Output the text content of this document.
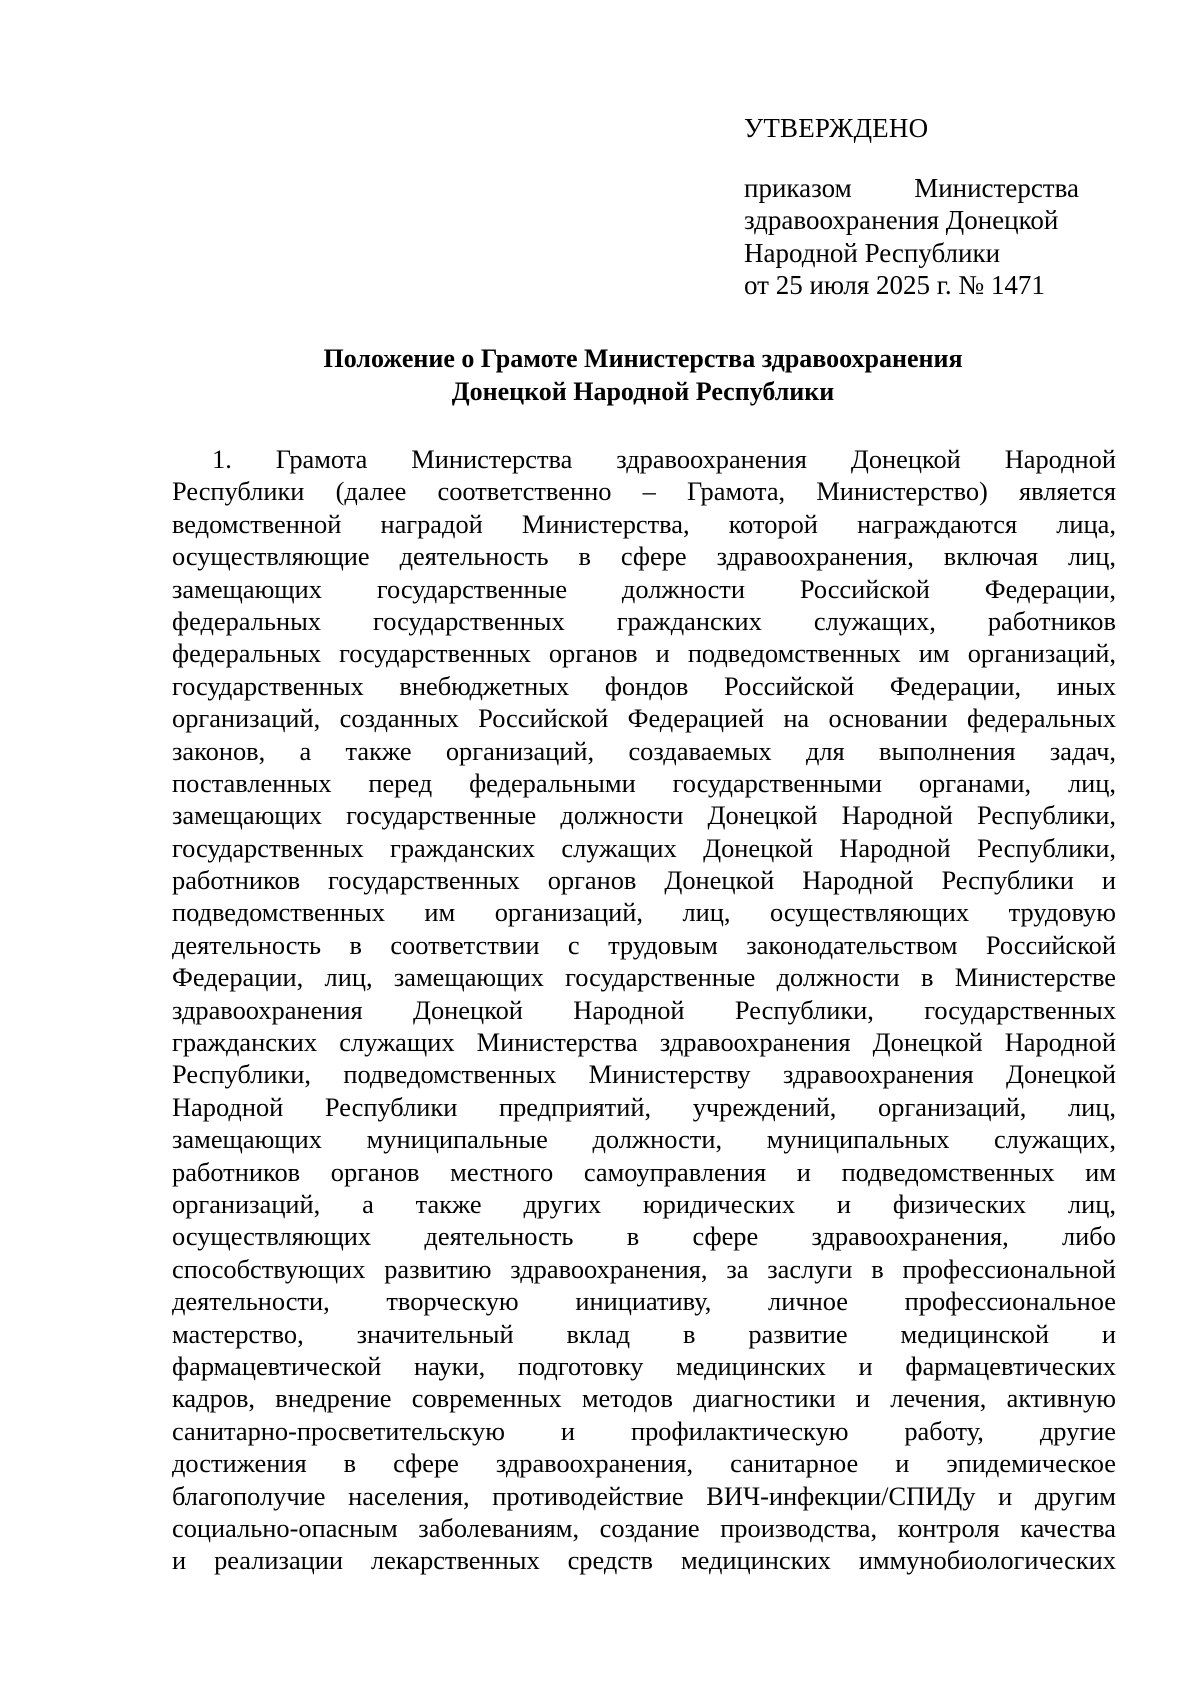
УТВЕРЖДЕНО
приказом Министерства
здравоохранения Донецкой
Народной Республики
от 25 июля 2025 г. № 1471
Положение о Грамоте Министерства здравоохранения
Донецкой Народной Республики
1. Грамота Министерства здравоохранения Донецкой Народной
Республики (далее соответственно – Грамота, Министерство) является
ведомственной наградой Министерства, которой награждаются лица,
осуществляющие деятельность в сфере здравоохранения, включая лиц,
замещающих государственные должности Российской Федерации,
федеральных государственных гражданских служащих, работников
федеральных государственных органов и подведомственных им организаций,
государственных внебюджетных фондов Российской Федерации, иных
организаций, созданных Российской Федерацией на основании федеральных
законов, а также организаций, создаваемых для выполнения задач,
поставленных перед федеральными государственными органами, лиц,
замещающих государственные должности Донецкой Народной Республики,
государственных гражданских служащих Донецкой Народной Республики,
работников государственных органов Донецкой Народной Республики и
подведомственных им организаций, лиц, осуществляющих трудовую
деятельность в соответствии с трудовым законодательством Российской
Федерации, лиц, замещающих государственные должности в Министерстве
здравоохранения Донецкой Народной Республики, государственных
гражданских служащих Министерства здравоохранения Донецкой Народной
Республики, подведомственных Министерству здравоохранения Донецкой
Народной Республики предприятий, учреждений, организаций, лиц,
замещающих муниципальные должности, муниципальных служащих,
работников органов местного самоуправления и подведомственных им
организаций, а также других юридических и физических лиц,
осуществляющих деятельность в сфере здравоохранения, либо
способствующих развитию здравоохранения, за заслуги в профессиональной
деятельности, творческую инициативу, личное профессиональное
мастерство, значительный вклад в развитие медицинской и
фармацевтической науки, подготовку медицинских и фармацевтических
кадров, внедрение современных методов диагностики и лечения, активную
санитарно-просветительскую и профилактическую работу, другие
достижения в сфере здравоохранения, санитарное и эпидемическое
благополучие населения, противодействие ВИЧ-инфекции/СПИДу и другим
социально-опасным заболеваниям, создание производства, контроля качества
и реализации лекарственных средств медицинских иммунобиологических
